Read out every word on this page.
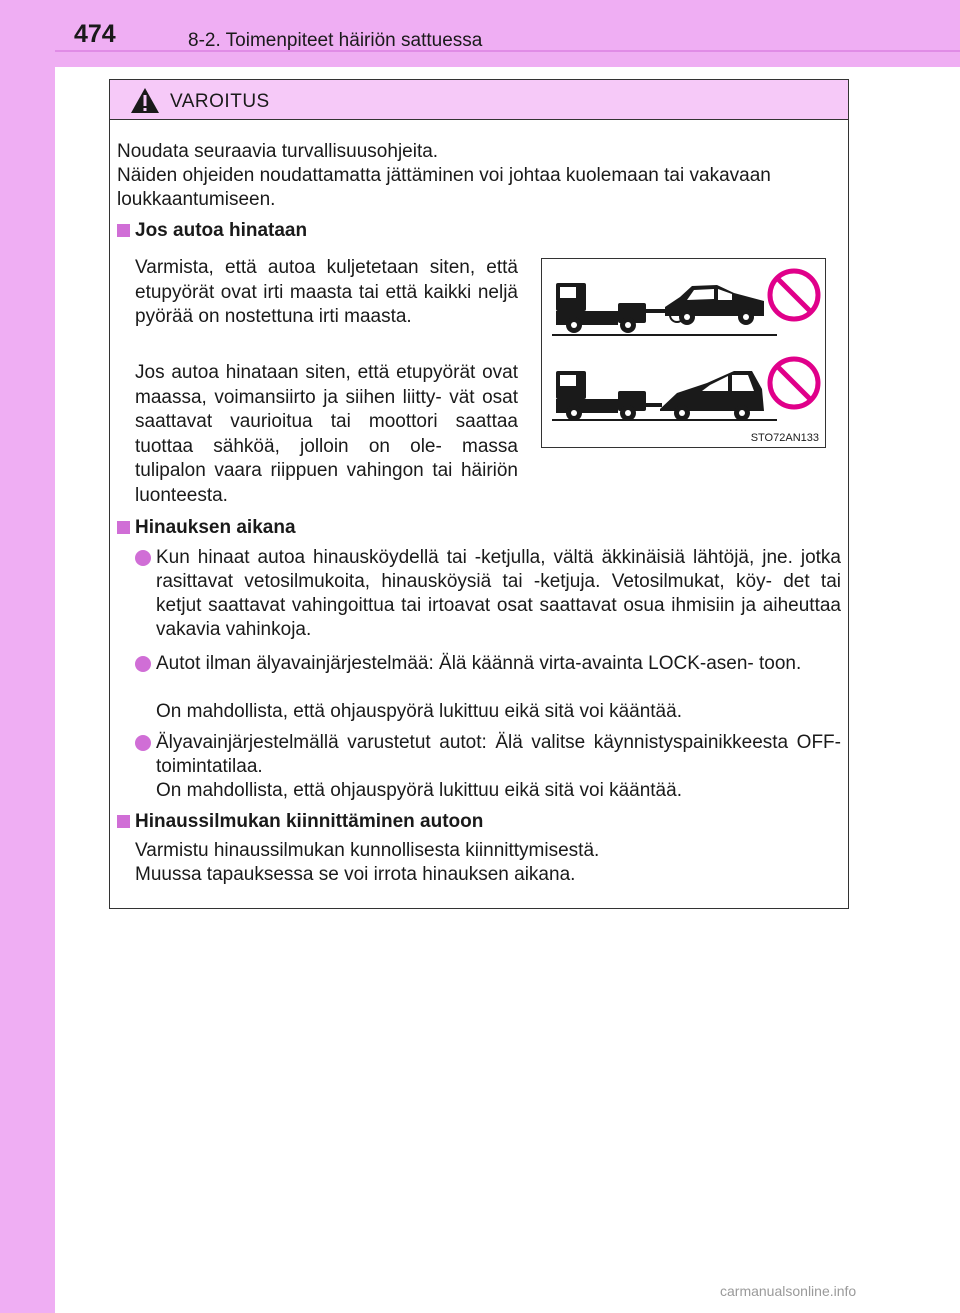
474	8-2. Toimenpiteet häiriön sattuessa
VAROITUS

Noudata seuraavia turvallisuusohjeita.

Näiden ohjeiden noudattamatta jättäminen voi johtaa kuolemaan tai vakavaan

loukkaantumiseen.

Jos autoa hinataan

Varmista, että autoa kuljetetaan siten, että etupyörät ovat irti maasta tai että kaikki neljä pyörää on nostettuna irti maasta.

Jos autoa hinataan siten, että etupyörät ovat maassa, voimansiirto ja siihen liitty- vät osat saattavat vaurioitua tai moottori saattaa tuottaa sähköä, jolloin on ole- massa tulipalon vaara riippuen vahingon tai häiriön luonteesta.

STO72AN133

Hinauksen aikana

Kun hinaat autoa hinausköydellä tai -ketjulla, vältä äkkinäisiä lähtöjä, jne. jotka rasittavat vetosilmukoita, hinausköysiä tai -ketjuja. Vetosilmukat, köy- det tai ketjut saattavat vahingoittua tai irtoavat osat saattavat osua ihmisiin ja aiheuttaa vakavia vahinkoja.

Autot ilman älyavainjärjestelmää: Älä käännä virta-avainta LOCK-asen- toon.

On mahdollista, että ohjauspyörä lukittuu eikä sitä voi kääntää.

Älyavainjärjestelmällä varustetut autot: Älä valitse käynnistyspainikkeesta OFF-toimintatilaa.

On mahdollista, että ohjauspyörä lukittuu eikä sitä voi kääntää.

Hinaussilmukan kiinnittäminen autoon

Varmistu hinaussilmukan kunnollisesta kiinnittymisestä.

Muussa tapauksessa se voi irrota hinauksen aikana.

carmanualsonline.info
